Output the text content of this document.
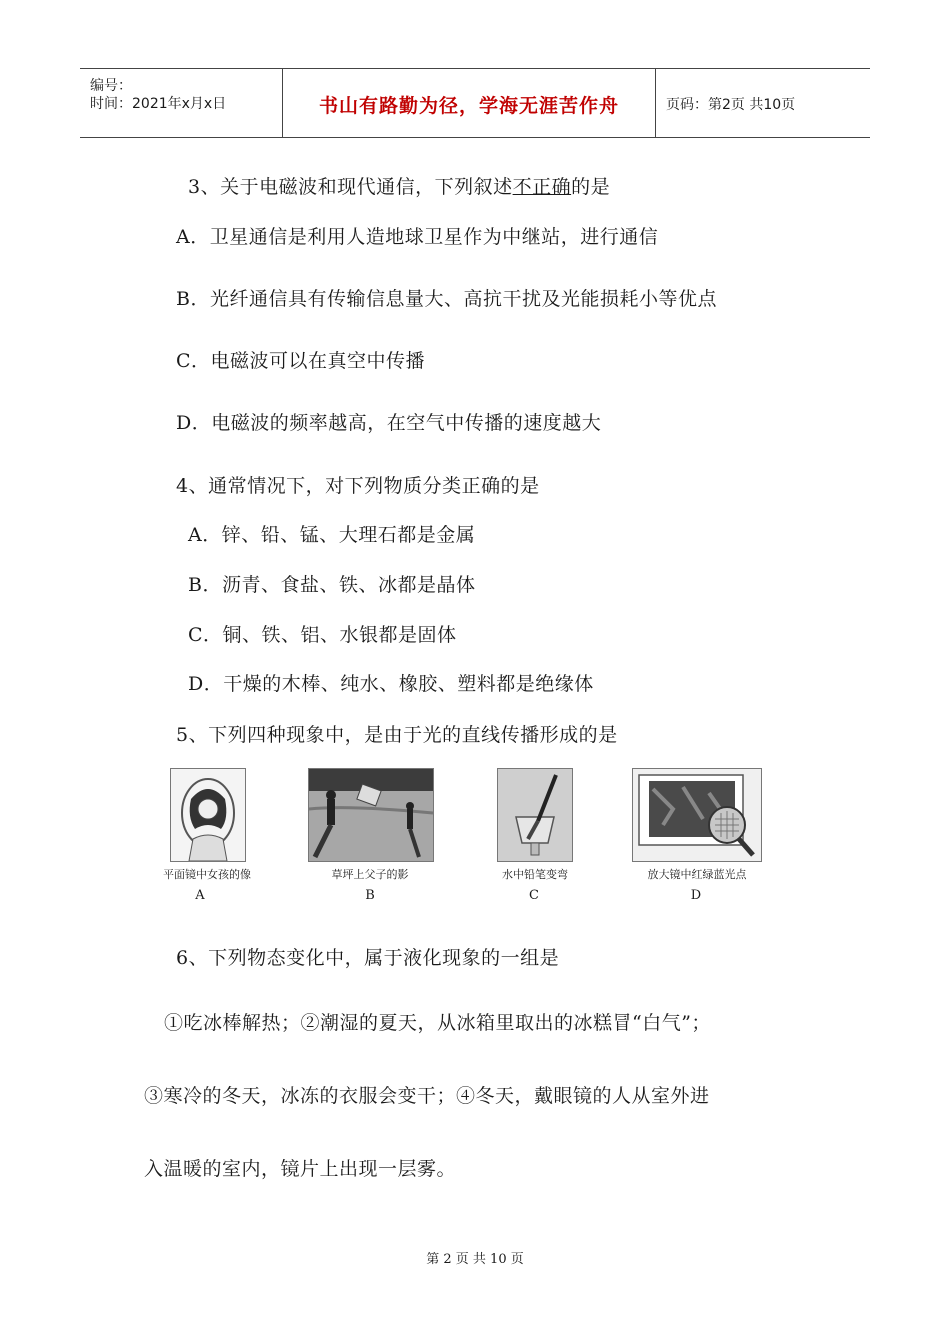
编号：
时间：2021年x月x日	书山有路勤为径，学海无涯苦作舟	页码：第2页 共10页
3、关于电磁波和现代通信，下列叙述不正确的是
A．卫星通信是利用人造地球卫星作为中继站，进行通信
B．光纤通信具有传输信息量大、高抗干扰及光能损耗小等优点
C．电磁波可以在真空中传播
D．电磁波的频率越高，在空气中传播的速度越大
4、通常情况下，对下列物质分类正确的是
A．锌、铅、锰、大理石都是金属
B．沥青、食盐、铁、冰都是晶体
C．铜、铁、铝、水银都是固体
D．干燥的木棒、纯水、橡胶、塑料都是绝缘体
5、下列四种现象中，是由于光的直线传播形成的是
平面镜中女孩的像	草坪上父子的影	水中铅笔变弯	放大镜中红绿蓝光点
A	B	C	D
6、下列物态变化中，属于液化现象的一组是
①吃冰棒解热；②潮湿的夏天，从冰箱里取出的冰糕冒“白气”；
③寒冷的冬天，冰冻的衣服会变干；④冬天，戴眼镜的人从室外进
入温暖的室内，镜片上出现一层雾。
第 2 页 共 10 页
